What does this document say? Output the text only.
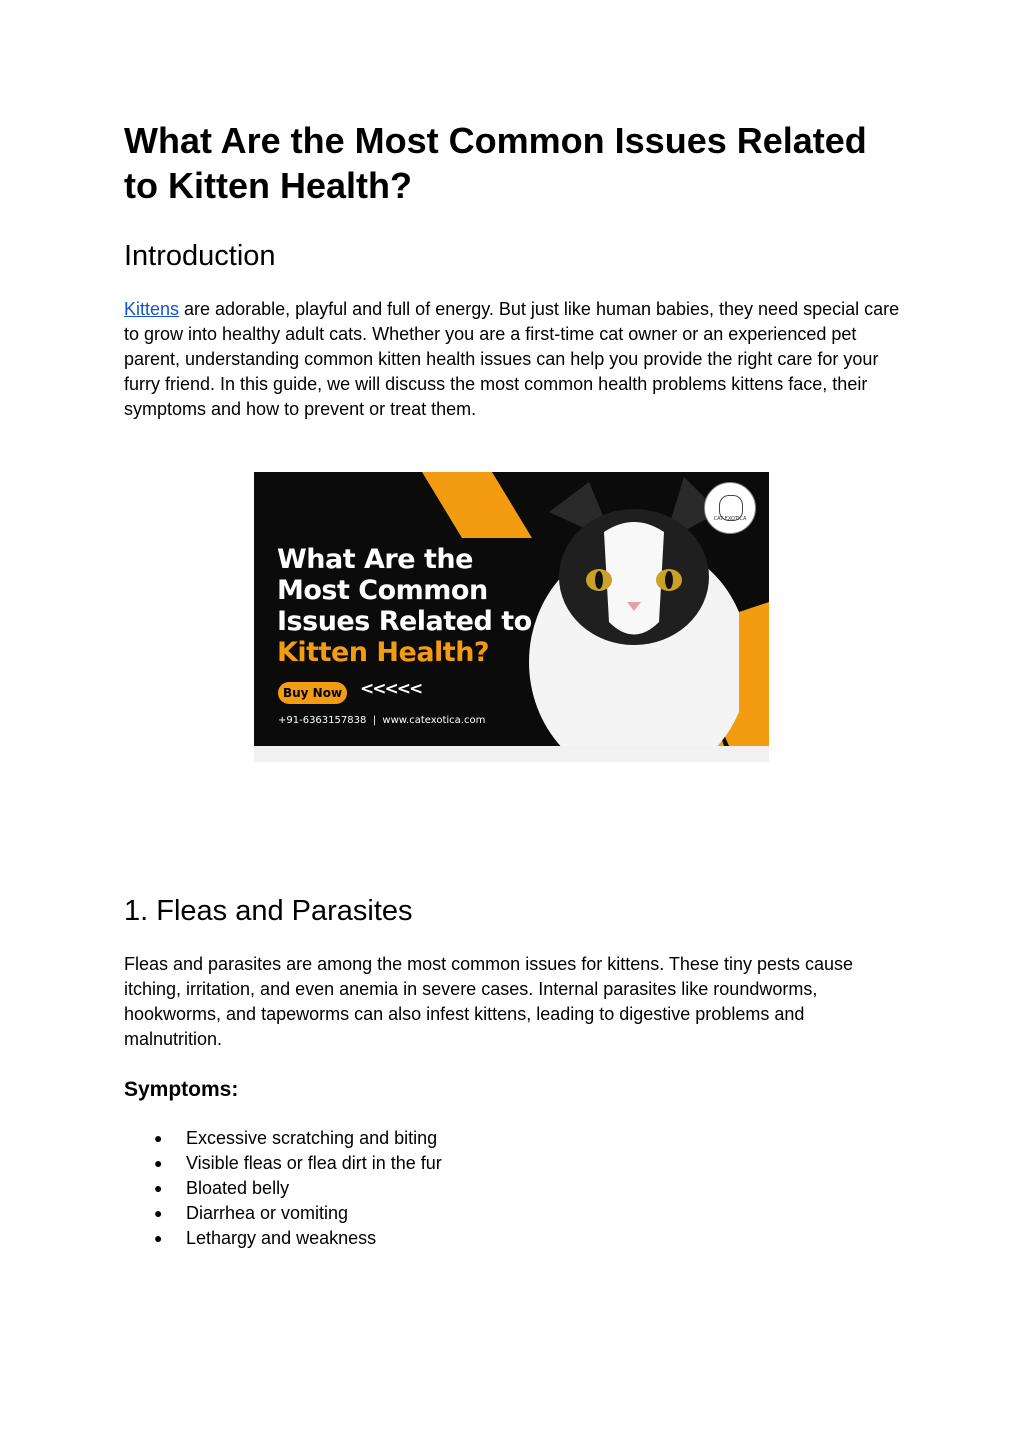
What Are the Most Common Issues Related to Kitten Health?
Introduction

Kittens are adorable, playful and full of energy. But just like human babies, they need special care to grow into healthy adult cats. Whether you are a first-time cat owner or an experienced pet parent, understanding common kitten health issues can help you provide the right care for your furry friend. In this guide, we will discuss the most common health problems kittens face, their symptoms and how to prevent or treat them.

1. Fleas and Parasites

Fleas and parasites are among the most common issues for kittens. These tiny pests cause itching, irritation, and even anemia in severe cases. Internal parasites like roundworms, hookworms, and tapeworms can also infest kittens, leading to digestive problems and malnutrition.

Symptoms:
● Excessive scratching and biting
● Visible fleas or flea dirt in the fur
● Bloated belly
● Diarrhea or vomiting
● Lethargy and weakness
What Are the
Most Common
Issues Related to
Kitten Health?
Buy Now <<<<<
+91-6363157838  |  www.catexotica.com
CAT EXOTICA
